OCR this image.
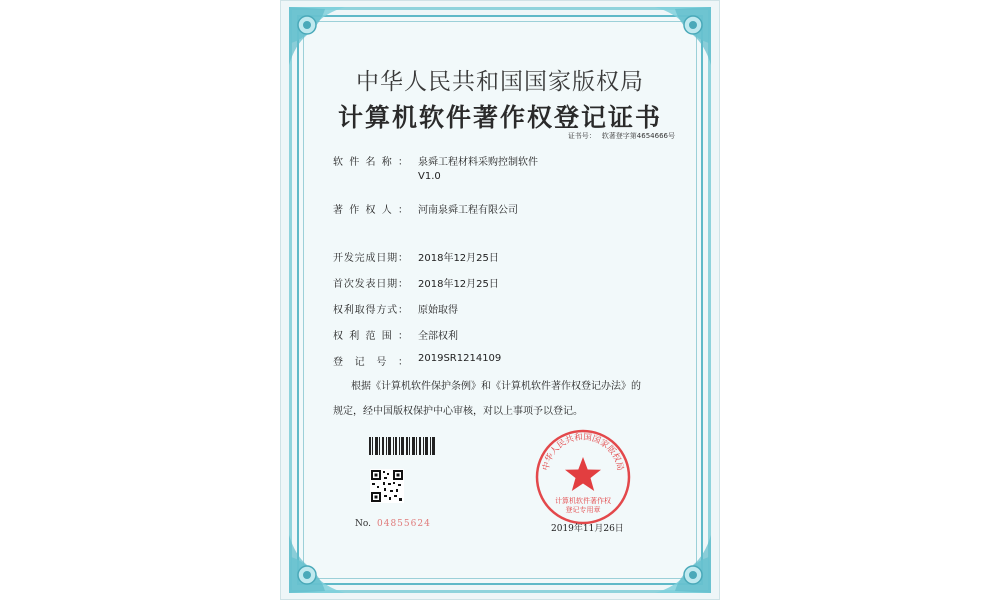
中华人民共和国国家版权局
计算机软件著作权登记证书
证书号： 软著登字第4654666号
软件名称： 泉舜工程材料采购控制软件
V1.0
著作权人： 河南泉舜工程有限公司
开发完成日期： 2018年12月25日
首次发表日期： 2018年12月25日
权利取得方式： 原始取得
权利范围： 全部权利
登记号： 2019SR1214109
根据《计算机软件保护条例》和《计算机软件著作权登记办法》的
规定，经中国版权保护中心审核，对以上事项予以登记。
No. 04855624
中华人民共和国国家版权局
计算机软件著作权
登记专用章
2019年11月26日
